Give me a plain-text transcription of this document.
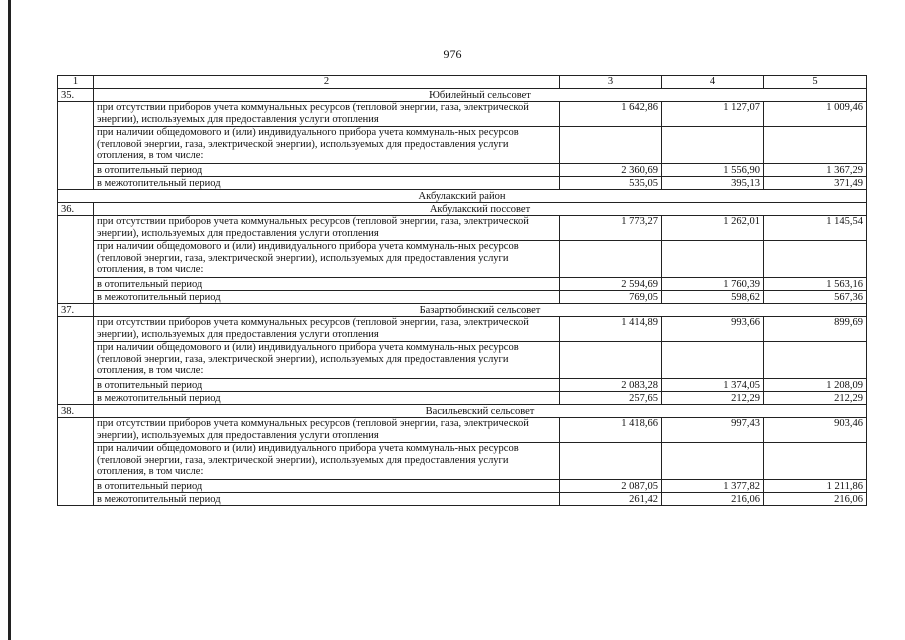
976
1	2	3	4	5
35.	Юбилейный сельсовет			
	при отсутствии приборов учета коммунальных ресурсов (тепловой энергии, газа, электрической энергии), используемых для предоставления услуги отопления	1 642,86	1 127,07	1 009,46
	при наличии общедомового и (или) индивидуального прибора учета коммуналь-ных ресурсов (тепловой энергии, газа, электрической энергии), используемых для предоставления услуги отопления, в том числе:			
	в отопительный период	2 360,69	1 556,90	1 367,29
	в межотопительный период	535,05	395,13	371,49
Акбулакский район				
36.	Акбулакский поссовет			
	при отсутствии приборов учета коммунальных ресурсов (тепловой энергии, газа, электрической энергии), используемых для предоставления услуги отопления	1 773,27	1 262,01	1 145,54
	при наличии общедомового и (или) индивидуального прибора учета коммуналь-ных ресурсов (тепловой энергии, газа, электрической энергии), используемых для предоставления услуги отопления, в том числе:			
	в отопительный период	2 594,69	1 760,39	1 563,16
	в межотопительный период	769,05	598,62	567,36
37.	Базартюбинский сельсовет			
	при отсутствии приборов учета коммунальных ресурсов (тепловой энергии, газа, электрической энергии), используемых для предоставления услуги отопления	1 414,89	993,66	899,69
	при наличии общедомового и (или) индивидуального прибора учета коммуналь-ных ресурсов (тепловой энергии, газа, электрической энергии), используемых для предоставления услуги отопления, в том числе:			
	в отопительный период	2 083,28	1 374,05	1 208,09
	в межотопительный период	257,65	212,29	212,29
38.	Васильевский сельсовет			
	при отсутствии приборов учета коммунальных ресурсов (тепловой энергии, газа, электрической энергии), используемых для предоставления услуги отопления	1 418,66	997,43	903,46
	при наличии общедомового и (или) индивидуального прибора учета коммуналь-ных ресурсов (тепловой энергии, газа, электрической энергии), используемых для предоставления услуги отопления, в том числе:			
	в отопительный период	2 087,05	1 377,82	1 211,86
	в межотопительный период	261,42	216,06	216,06
